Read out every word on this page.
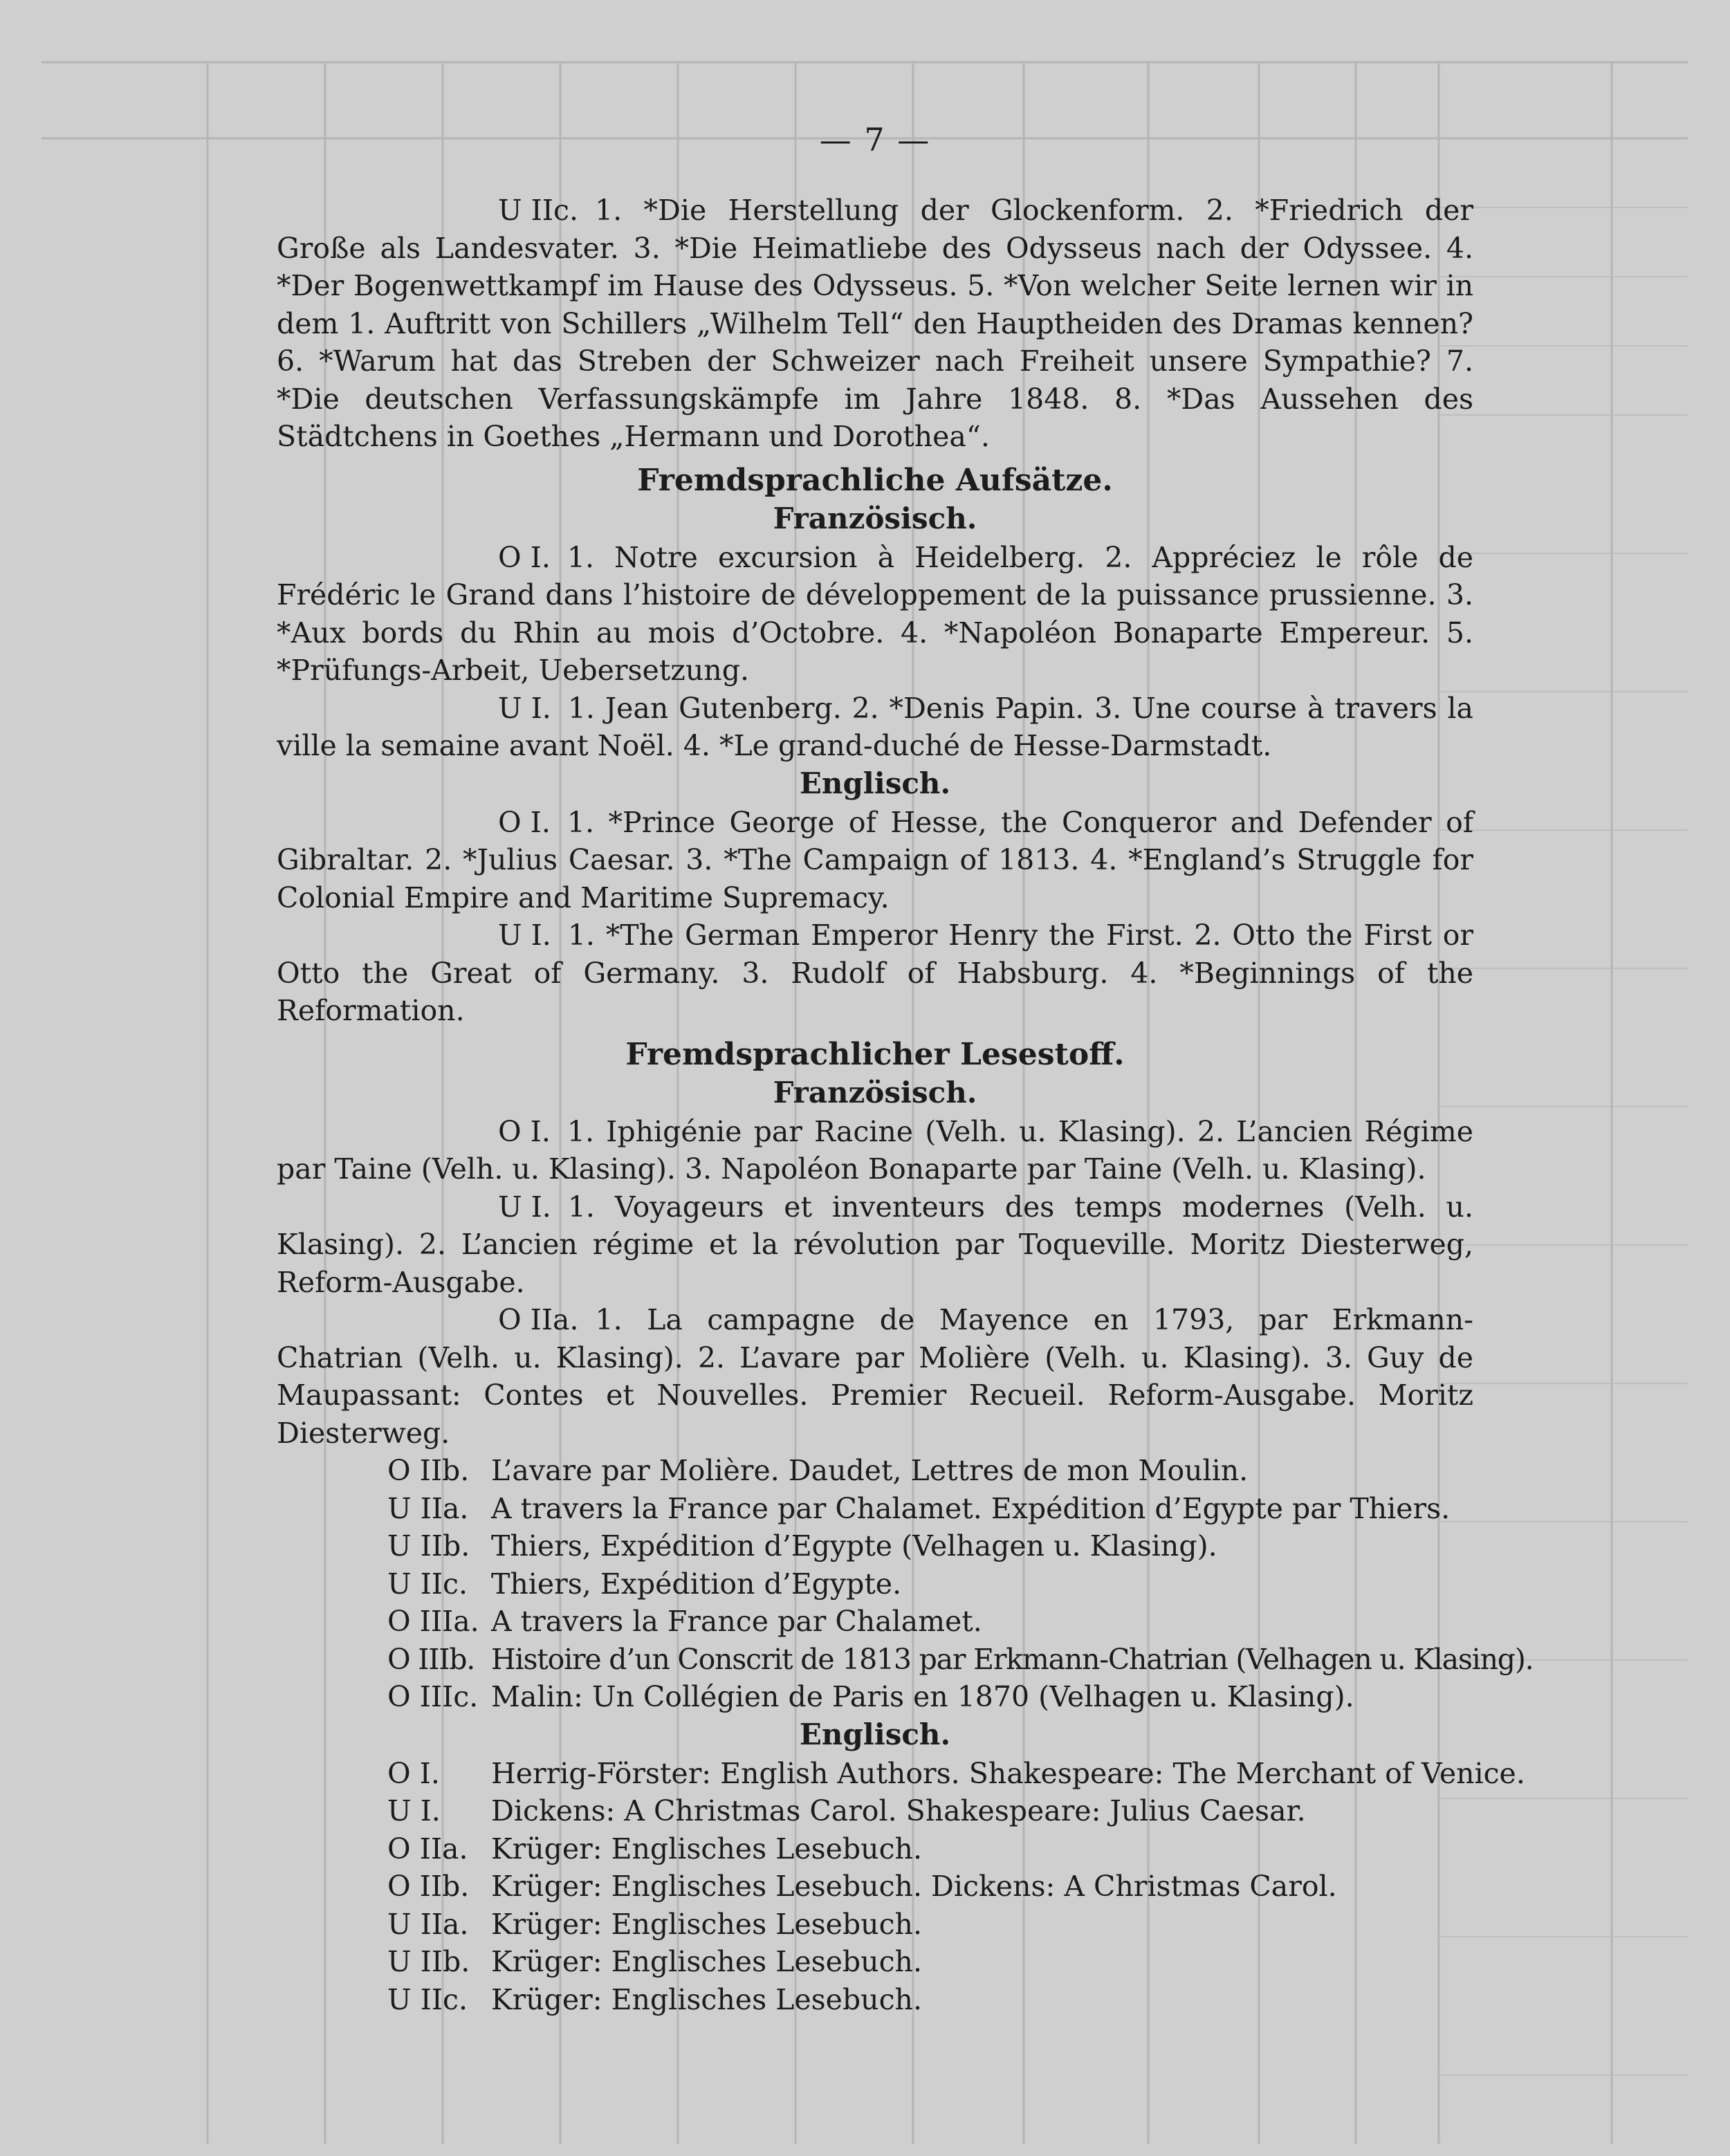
— 7 —

U IIc. 1. *Die Herstellung der Glockenform. 2. *Friedrich der Große als Landesvater. 3. *Die Heimatliebe des Odysseus nach der Odyssee. 4. *Der Bogenwettkampf im Hause des Odysseus. 5. *Von welcher Seite lernen wir in dem 1. Auftritt von Schillers „Wilhelm Tell“ den Hauptheiden des Dramas kennen? 6. *Warum hat das Streben der Schweizer nach Freiheit unsere Sympathie? 7. *Die deutschen Verfassungskämpfe im Jahre 1848. 8. *Das Aussehen des Städtchens in Goethes „Hermann und Dorothea“.

Fremdsprachliche Aufsätze.
Französisch.

O I. 1. Notre excursion à Heidelberg. 2. Appréciez le rôle de Frédéric le Grand dans l’histoire de développement de la puissance prussienne. 3. *Aux bords du Rhin au mois d’Octobre. 4. *Napoléon Bonaparte Empereur. 5. *Prüfungs-Arbeit, Uebersetzung.

U I. 1. Jean Gutenberg. 2. *Denis Papin. 3. Une course à travers la ville la semaine avant Noël. 4. *Le grand-duché de Hesse-Darmstadt.

Englisch.

O I. 1. *Prince George of Hesse, the Conqueror and Defender of Gibraltar. 2. *Julius Caesar. 3. *The Campaign of 1813. 4. *England’s Struggle for Colonial Empire and Maritime Supremacy.

U I. 1. *The German Emperor Henry the First. 2. Otto the First or Otto the Great of Germany. 3. Rudolf of Habsburg. 4. *Beginnings of the Reformation.

Fremdsprachlicher Lesestoff.
Französisch.

O I. 1. Iphigénie par Racine (Velh. u. Klasing). 2. L’ancien Régime par Taine (Velh. u. Klasing). 3. Napoléon Bonaparte par Taine (Velh. u. Klasing).

U I. 1. Voyageurs et inventeurs des temps modernes (Velh. u. Klasing). 2. L’ancien régime et la révolution par Toqueville. Moritz Diesterweg, Reform-Ausgabe.

O IIa. 1. La campagne de Mayence en 1793, par Erkmann-Chatrian (Velh. u. Klasing). 2. L’avare par Molière (Velh. u. Klasing). 3. Guy de Maupassant: Contes et Nouvelles. Premier Recueil. Reform-Ausgabe. Moritz Diesterweg.

O IIb. L’avare par Molière. Daudet, Lettres de mon Moulin.

U IIa. A travers la France par Chalamet. Expédition d’Egypte par Thiers.

U IIb. Thiers, Expédition d’Egypte (Velhagen u. Klasing).

U IIc. Thiers, Expédition d’Egypte.

O IIIa. A travers la France par Chalamet.

O IIIb. Histoire d’un Conscrit de 1813 par Erkmann-Chatrian (Velhagen u. Klasing).

O IIIc. Malin: Un Collégien de Paris en 1870 (Velhagen u. Klasing).

Englisch.

O I. Herrig-Förster: English Authors. Shakespeare: The Merchant of Venice.

U I. Dickens: A Christmas Carol. Shakespeare: Julius Caesar.

O IIa. Krüger: Englisches Lesebuch.

O IIb. Krüger: Englisches Lesebuch. Dickens: A Christmas Carol.

U IIa. Krüger: Englisches Lesebuch.

U IIb. Krüger: Englisches Lesebuch.

U IIc. Krüger: Englisches Lesebuch.
